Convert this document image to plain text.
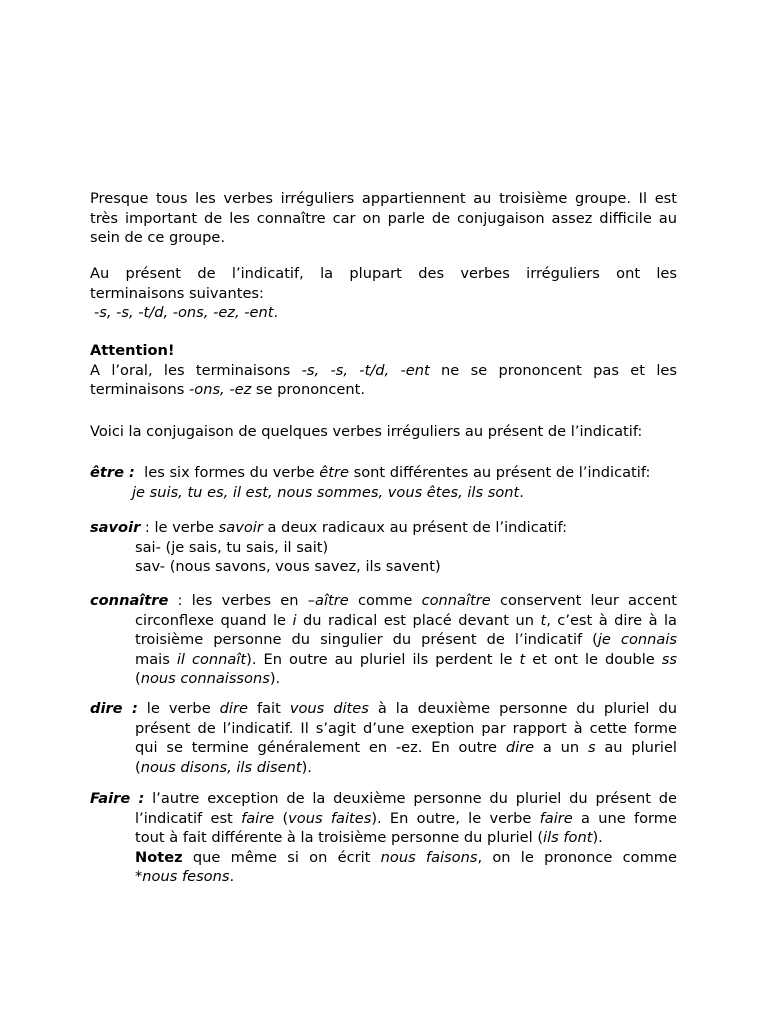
Presque tous les verbes irréguliers appartiennent au troisième groupe. Il est
très important de les connaître car on parle de conjugaison assez difficile au
sein de ce groupe.
Au présent de l’indicatif, la plupart des verbes irréguliers ont les
terminaisons suivantes:
-s, -s, -t/d, -ons, -ez, -ent.
Attention!
A l’oral, les terminaisons -s, -s, -t/d, -ent ne se prononcent pas et les
terminaisons -ons, -ez se prononcent.
Voici la conjugaison de quelques verbes irréguliers au présent de l’indicatif:
être : les six formes du verbe être sont différentes au présent de l’indicatif:
je suis, tu es, il est, nous sommes, vous êtes, ils sont.
savoir : le verbe savoir a deux radicaux au présent de l’indicatif:
sai- (je sais, tu sais, il sait)
sav- (nous savons, vous savez, ils savent)
connaître : les verbes en –aître comme connaître conservent leur accent
circonflexe quand le i du radical est placé devant un t, c’est à dire à la
troisième personne du singulier du présent de l’indicatif (je connais
mais il connaît). En outre au pluriel ils perdent le t et ont le double ss
(nous connaissons).
dire : le verbe dire fait vous dites à la deuxième personne du pluriel du
présent de l’indicatif. Il s’agit d’une exeption par rapport à cette forme
qui se termine généralement en -ez. En outre dire a un s au pluriel
(nous disons, ils disent).
Faire : l’autre exception de la deuxième personne du pluriel du présent de
l’indicatif est faire (vous faites). En outre, le verbe faire a une forme
tout à fait différente à la troisième personne du pluriel (ils font).
Notez que même si on écrit nous faisons, on le prononce comme
*nous fesons.
